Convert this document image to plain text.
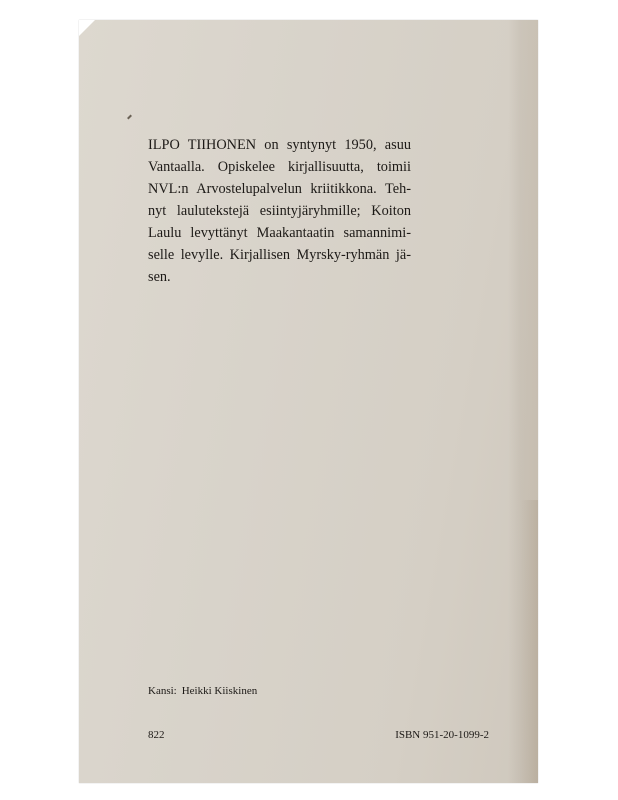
ILPO TIIHONEN on syntynyt 1950, asuu
Vantaalla. Opiskelee kirjallisuutta, toimii
NVL:n Arvostelupalvelun kriitikkona. Teh-
nyt laulutekstejä esiintyjäryhmille; Koiton
Laulu levyttänyt Maakantaatin samannimi-
selle levylle. Kirjallisen Myrsky-ryhmän jä-
sen.

Kansi: Heikki Kiiskinen

822	ISBN 951-20-1099-2
